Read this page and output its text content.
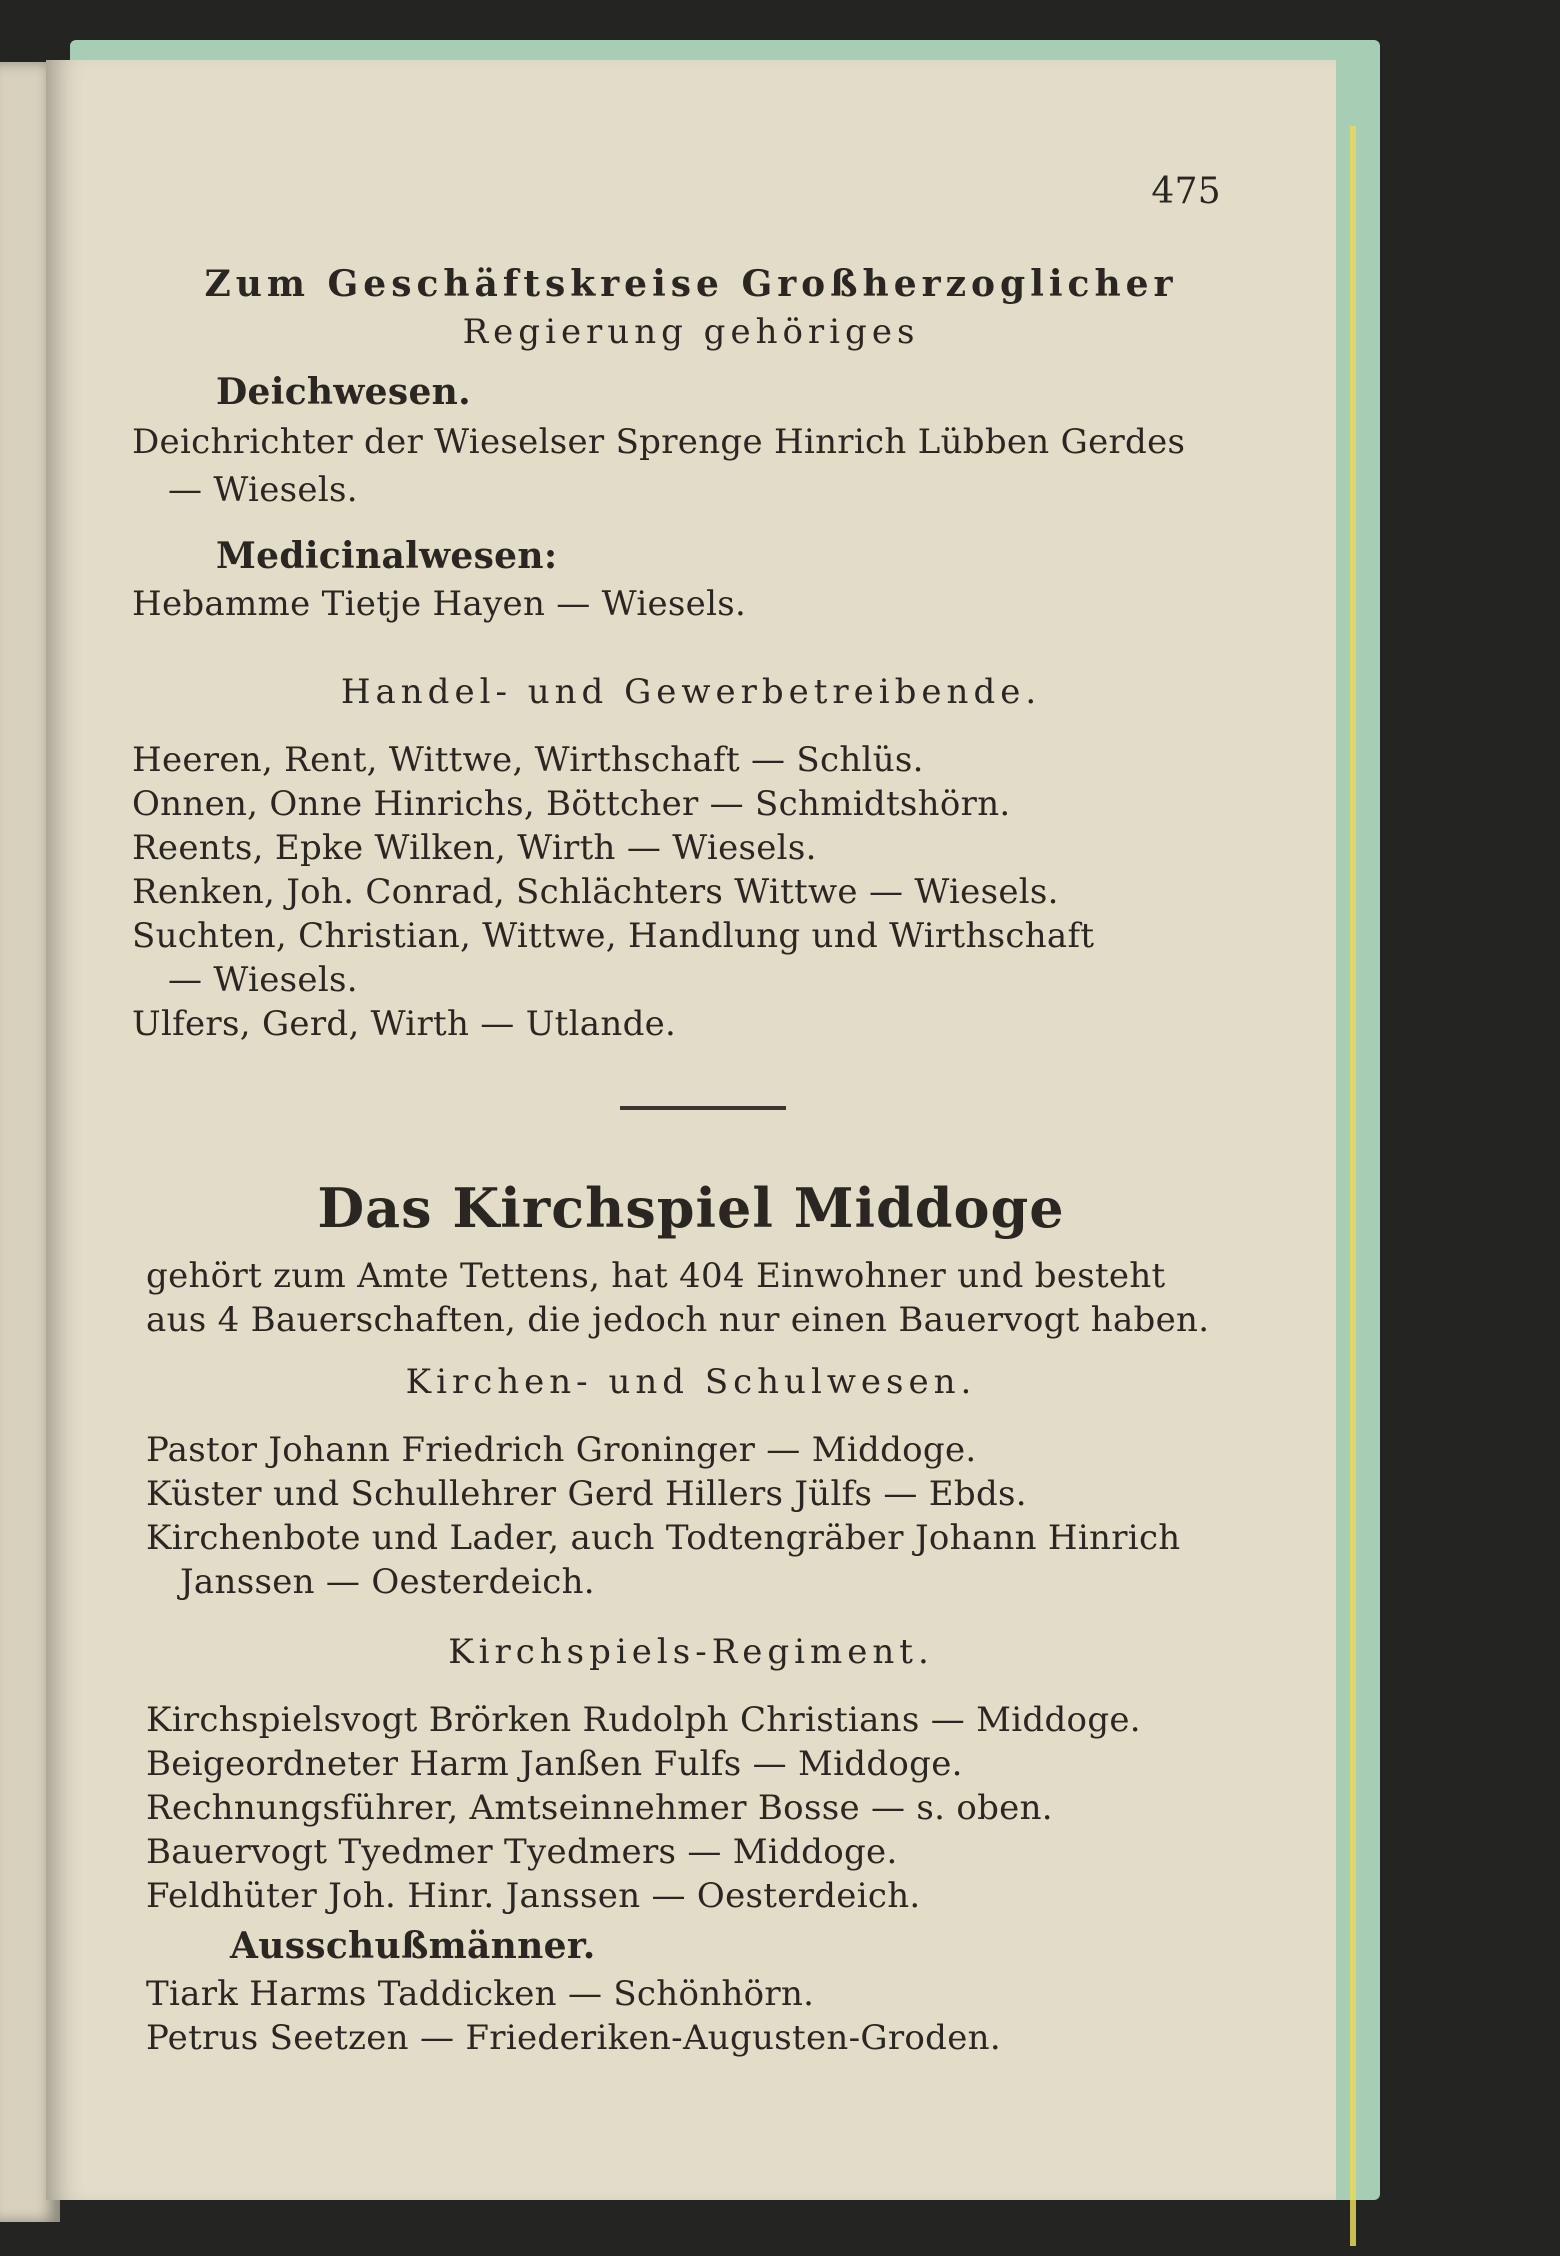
475
Zum Geschäftskreise Großherzoglicher
Regierung gehöriges
Deichwesen.
Deichrichter der Wieselser Sprenge Hinrich Lübben Gerdes
— Wiesels.
Medicinalwesen:
Hebamme Tietje Hayen — Wiesels.
Handel- und Gewerbetreibende.
Heeren, Rent, Wittwe, Wirthschaft — Schlüs.
Onnen, Onne Hinrichs, Böttcher — Schmidtshörn.
Reents, Epke Wilken, Wirth — Wiesels.
Renken, Joh. Conrad, Schlächters Wittwe — Wiesels.
Suchten, Christian, Wittwe, Handlung und Wirthschaft
— Wiesels.
Ulfers, Gerd, Wirth — Utlande.
Das Kirchspiel Middoge
gehört zum Amte Tettens, hat 404 Einwohner und besteht
aus 4 Bauerschaften, die jedoch nur einen Bauervogt haben.
Kirchen- und Schulwesen.
Pastor Johann Friedrich Groninger — Middoge.
Küster und Schullehrer Gerd Hillers Jülfs — Ebds.
Kirchenbote und Lader, auch Todtengräber Johann Hinrich
Janssen — Oesterdeich.
Kirchspiels-Regiment.
Kirchspielsvogt Brörken Rudolph Christians — Middoge.
Beigeordneter Harm Janßen Fulfs — Middoge.
Rechnungsführer, Amtseinnehmer Bosse — s. oben.
Bauervogt Tyedmer Tyedmers — Middoge.
Feldhüter Joh. Hinr. Janssen — Oesterdeich.
Ausschußmänner.
Tiark Harms Taddicken — Schönhörn.
Petrus Seetzen — Friederiken-Augusten-Groden.
